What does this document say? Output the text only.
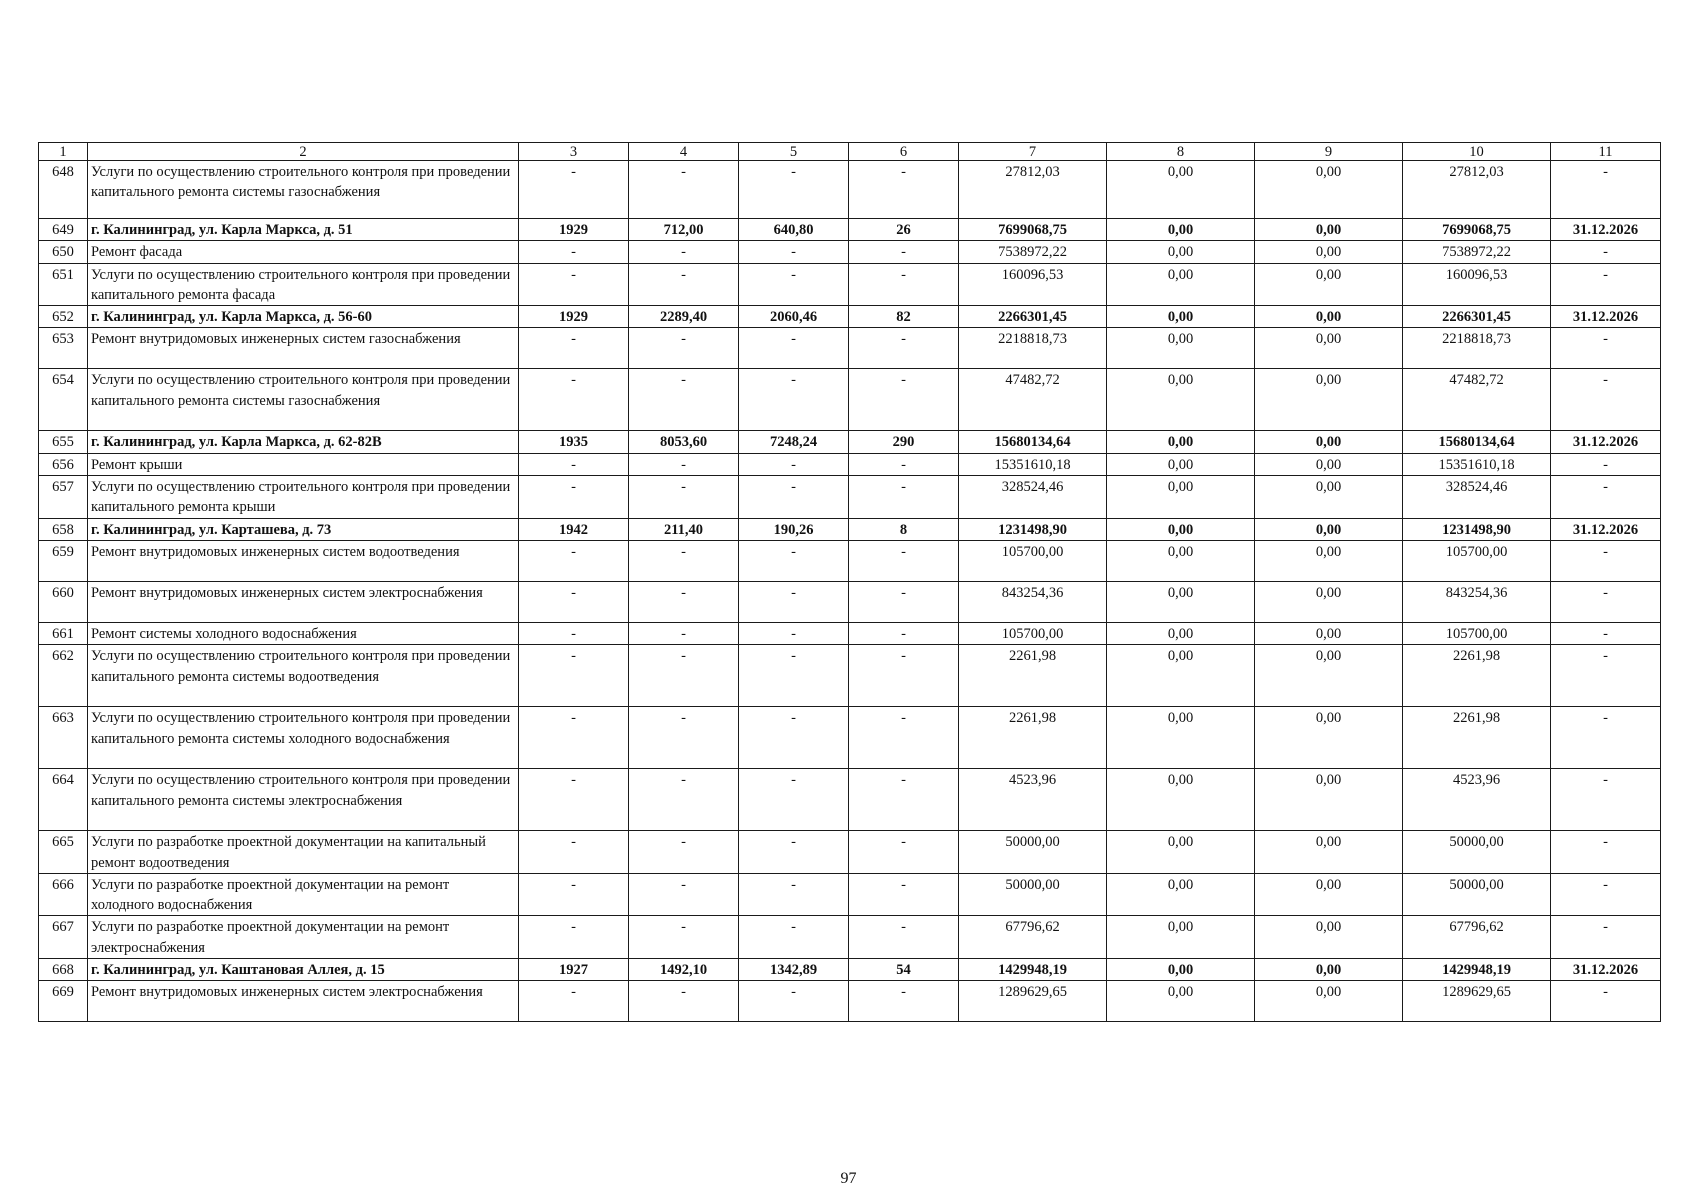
1	2	3	4	5	6	7	8	9	10	11
648	Услуги по осуществлению строительного контроля при проведении капитального ремонта системы газоснабжения	-	-	-	-	27812,03	0,00	0,00	27812,03	-
649	г. Калининград, ул. Карла Маркса, д. 51	1929	712,00	640,80	26	7699068,75	0,00	0,00	7699068,75	31.12.2026
650	Ремонт фасада	-	-	-	-	7538972,22	0,00	0,00	7538972,22	-
651	Услуги по осуществлению строительного контроля при проведении капитального ремонта фасада	-	-	-	-	160096,53	0,00	0,00	160096,53	-
652	г. Калининград, ул. Карла Маркса, д. 56-60	1929	2289,40	2060,46	82	2266301,45	0,00	0,00	2266301,45	31.12.2026
653	Ремонт внутридомовых инженерных систем газоснабжения	-	-	-	-	2218818,73	0,00	0,00	2218818,73	-
654	Услуги по осуществлению строительного контроля при проведении капитального ремонта системы газоснабжения	-	-	-	-	47482,72	0,00	0,00	47482,72	-
655	г. Калининград, ул. Карла Маркса, д. 62-82В	1935	8053,60	7248,24	290	15680134,64	0,00	0,00	15680134,64	31.12.2026
656	Ремонт крыши	-	-	-	-	15351610,18	0,00	0,00	15351610,18	-
657	Услуги по осуществлению строительного контроля при проведении капитального ремонта крыши	-	-	-	-	328524,46	0,00	0,00	328524,46	-
658	г. Калининград, ул. Карташева, д. 73	1942	211,40	190,26	8	1231498,90	0,00	0,00	1231498,90	31.12.2026
659	Ремонт внутридомовых инженерных систем водоотведения	-	-	-	-	105700,00	0,00	0,00	105700,00	-
660	Ремонт внутридомовых инженерных систем электроснабжения	-	-	-	-	843254,36	0,00	0,00	843254,36	-
661	Ремонт системы холодного водоснабжения	-	-	-	-	105700,00	0,00	0,00	105700,00	-
662	Услуги по осуществлению строительного контроля при проведении капитального ремонта системы водоотведения	-	-	-	-	2261,98	0,00	0,00	2261,98	-
663	Услуги по осуществлению строительного контроля при проведении капитального ремонта системы холодного водоснабжения	-	-	-	-	2261,98	0,00	0,00	2261,98	-
664	Услуги по осуществлению строительного контроля при проведении капитального ремонта системы электроснабжения	-	-	-	-	4523,96	0,00	0,00	4523,96	-
665	Услуги по разработке проектной документации на капитальный ремонт водоотведения	-	-	-	-	50000,00	0,00	0,00	50000,00	-
666	Услуги по разработке проектной документации на ремонт холодного водоснабжения	-	-	-	-	50000,00	0,00	0,00	50000,00	-
667	Услуги по разработке проектной документации на ремонт электроснабжения	-	-	-	-	67796,62	0,00	0,00	67796,62	-
668	г. Калининград, ул. Каштановая Аллея, д. 15	1927	1492,10	1342,89	54	1429948,19	0,00	0,00	1429948,19	31.12.2026
669	Ремонт внутридомовых инженерных систем электроснабжения	-	-	-	-	1289629,65	0,00	0,00	1289629,65	-
97
